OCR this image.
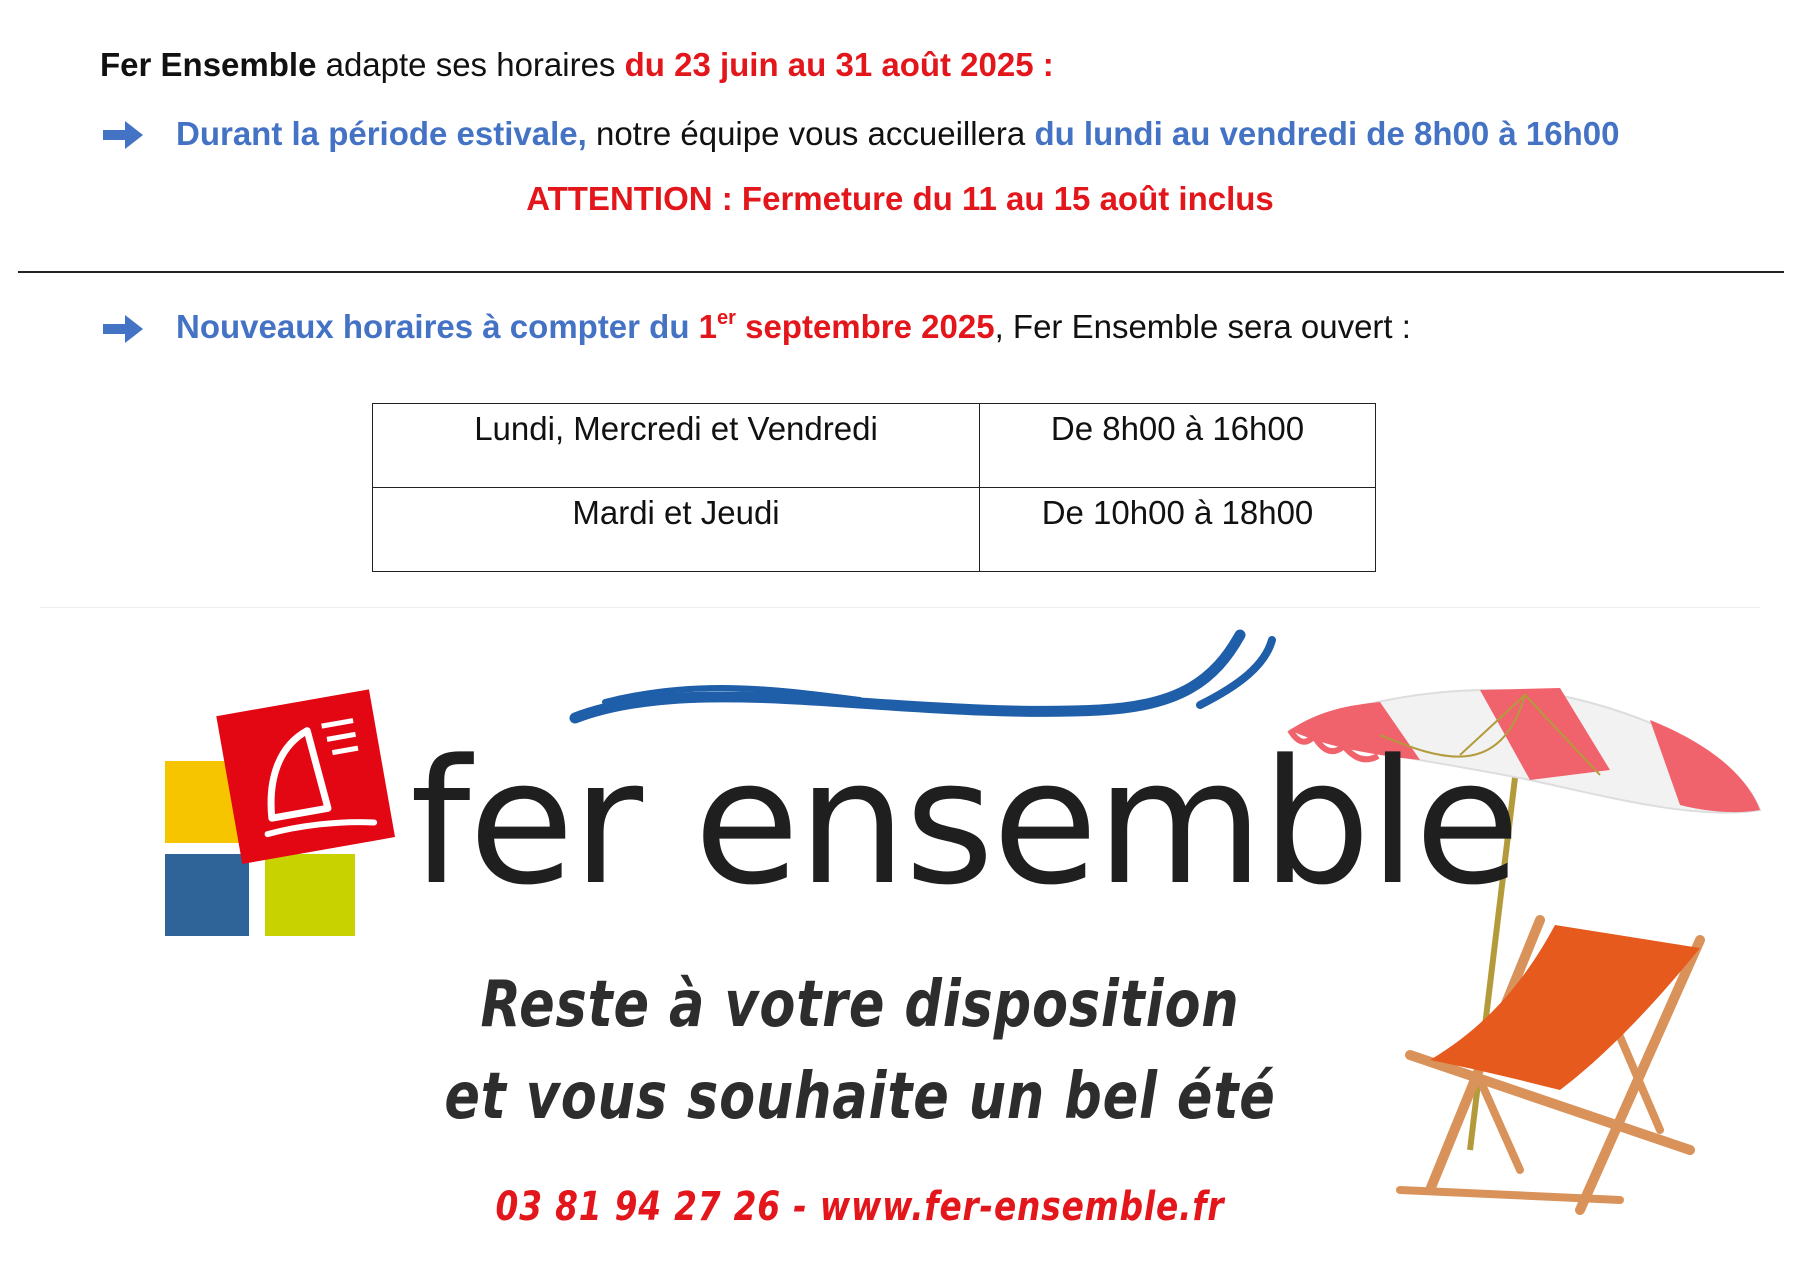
Fer Ensemble adapte ses horaires du 23 juin au 31 août 2025 :
Durant la période estivale, notre équipe vous accueillera du lundi au vendredi de 8h00 à 16h00
ATTENTION : Fermeture du 11 au 15 août inclus
Nouveaux horaires à compter du 1er septembre 2025, Fer Ensemble sera ouvert :
Lundi, Mercredi et Vendredi	De 8h00 à 16h00
Mardi et Jeudi	De 10h00 à 18h00
fer ensemble
Reste à votre disposition
et vous souhaite un bel été
03 81 94 27 26 - www.fer-ensemble.fr
